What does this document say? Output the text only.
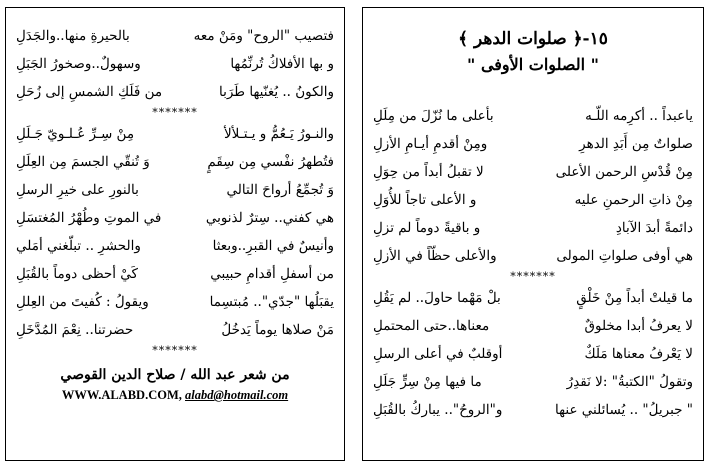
فتصيب "الروح" ومَنْ معه
بالحيرةِ منها..والجَدَلِ
و بها الأفلاكُ تُرنِّمُها
وسهولٌ..وصخورُ الجَبَلِ
والكونُ .. يُغنّيها طَرَبا
من فَلَكِ الشمسِ إلى زُحَلِ
*******
والنـورُ يَـعُمُّ و يـتـلألأ
مِنْ سِـرِّ عُـلـويّ جَـلَلِ
فتُطهرُ نفْسي مِن سِقَمٍ
وَ تُنقّي الجسمَ مِن العِلَلِ
وَ تُجمِّعُ أرواحَ التالي
بالنورِ على خيرِ الرسلِ
هي كفني.. سِترٌ لذنوبي
في الموتِ وطُهْرُ المُغتسَلِ
وأنيسٌ في القبرِ..وبعثا
والحشرِ .. تبلّغني أمَلي
من أسفلِ أقدامِ حبيبي
كَيْ أحظى دوماً بالقُبَلِ
يقبَلُها "جدّي".. مُبتسِما
ويقولُ : كُفيتَ من العِللِ
مَنْ صلاها يوماً يَدخُلُ
حضرتنا.. نِعْمَ المُدَّخَلِ
*******
من شعر عبد الله / صلاح الدين القوصي
WWW.ALABD.COM, alabd@hotmail.com
١٥-﴿ صلوات الدهر ﴾
" الصلوات الأوفى "
ياعبداً .. أكرِمه اللّـه
بأعلى ما نُزّلَ من مِلَلِ
صلواتٌ مِن أَبَدِ الدهرِ
ومِنْ أقدمِ أيـامِ الأزلِ
مِنْ قُدْسِ الرحمن الأعلى
لا تقبلُ أبداً من حِوَلِ
مِنْ ذاتِ الرحمنِ عليه
و الأعلى تاجاً للأُوَلِ
دائمةً أبدَ الآبادِ
و باقيةً دوماً لم تزلِ
هي أوفى صلواتِ المولى
والأعلى حظّاً في الأزلِ
*******
ما قيلتْ أبداً مِنْ خَلْقٍ
بلْ مَهْما حاولَ.. لم يَقُلِ
لا يعرفُ أبدا مخلوقٌ
معناها..حتى المحتملِ
لا يَعْرفُ معناها مَلَكٌ
أوقلبٌ في أعلى الرسلِ
وتقولُ "الكتبةُ" :لا نَقدِرُ
ما فيها مِنْ سِرٍّ جَلَلِ
" جبريلُ" .. يُسائلني عنها
و"الروحُ".. يباركُ بالقُبَلِ
